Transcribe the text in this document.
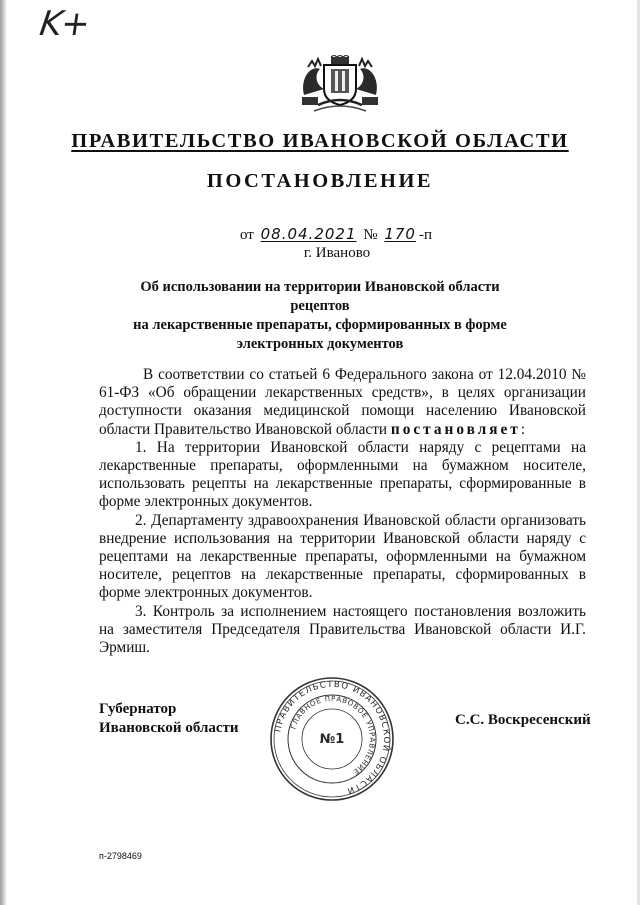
K+
ПРАВИТЕЛЬСТВО ИВАНОВСКОЙ ОБЛАСТИ
ПОСТАНОВЛЕНИЕ
от 08.04.2021 № 170 -п
г. Иваново
Об использовании на территории Ивановской области рецептов
на лекарственные препараты, сформированных в форме
электронных документов

В соответствии со статьей 6 Федерального закона от 12.04.2010 № 61-ФЗ «Об обращении лекарственных средств», в целях организации доступности оказания медицинской помощи населению Ивановской области Правительство Ивановской области постановляет:

1. На территории Ивановской области наряду с рецептами на лекарственные препараты, оформленными на бумажном носителе, использовать рецепты на лекарственные препараты, сформированные в форме электронных документов.

2. Департаменту здравоохранения Ивановской области организовать внедрение использования на территории Ивановской области наряду с рецептами на лекарственные препараты, оформленными на бумажном носителе, рецептов на лекарственные препараты, сформированных в форме электронных документов.

3. Контроль за исполнением настоящего постановления возложить на заместителя Председателя Правительства Ивановской области И.Г. Эрмиш.

Губернатор
Ивановской области	ПРАВИТЕЛЬСТВО ИВАНОВСКОЙ ОБЛАСТИ
ГЛАВНОЕ ПРАВОВОЕ УПРАВЛЕНИЕ
№1
С.С. Воскресенский
п-2798469
